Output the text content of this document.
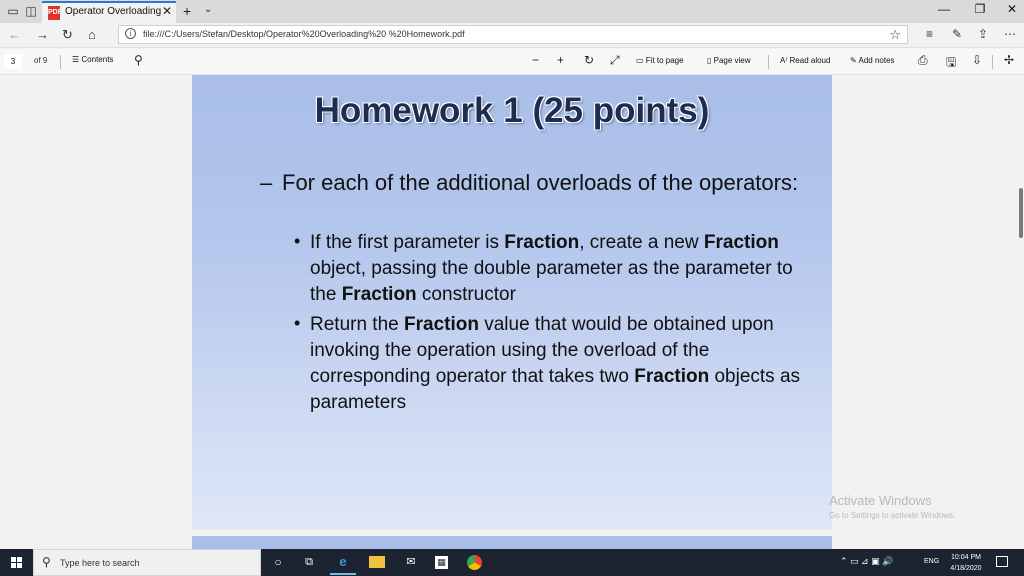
▭ ◫ PDF Operator Overloading ✕ + ⌄	—	❐	✕
← → ↻ ⌂	i	file:///C:/Users/Stefan/Desktop/Operator%20Overloading%20 %20Homework.pdf	☆ ≡ ✎ ⇪ ⋯
3	of 9	☰ Contents ⚲	− + ↻ ⤢ ▭ Fit to page	▯ Page view	A⁾ Read aloud ✎ Add notes ⎙ 🖫 ⇩ ✢
Homework 1 (25 points)
– For each of the additional overloads of the operators:
• If the first parameter is Fraction, create a new Fraction object, passing the double parameter as the parameter to the Fraction constructor
• Return the Fraction value that would be obtained upon invoking the operation using the overload of the corresponding operator that takes two Fraction objects as parameters
Activate Windows
Go to Settings to activate Windows.
⚲ Type here to search	○	⧉	e	✉	▦	⌃ ▭ ⊿ ▣ 🔊	ENG
10:04 PM
4/18/2020
